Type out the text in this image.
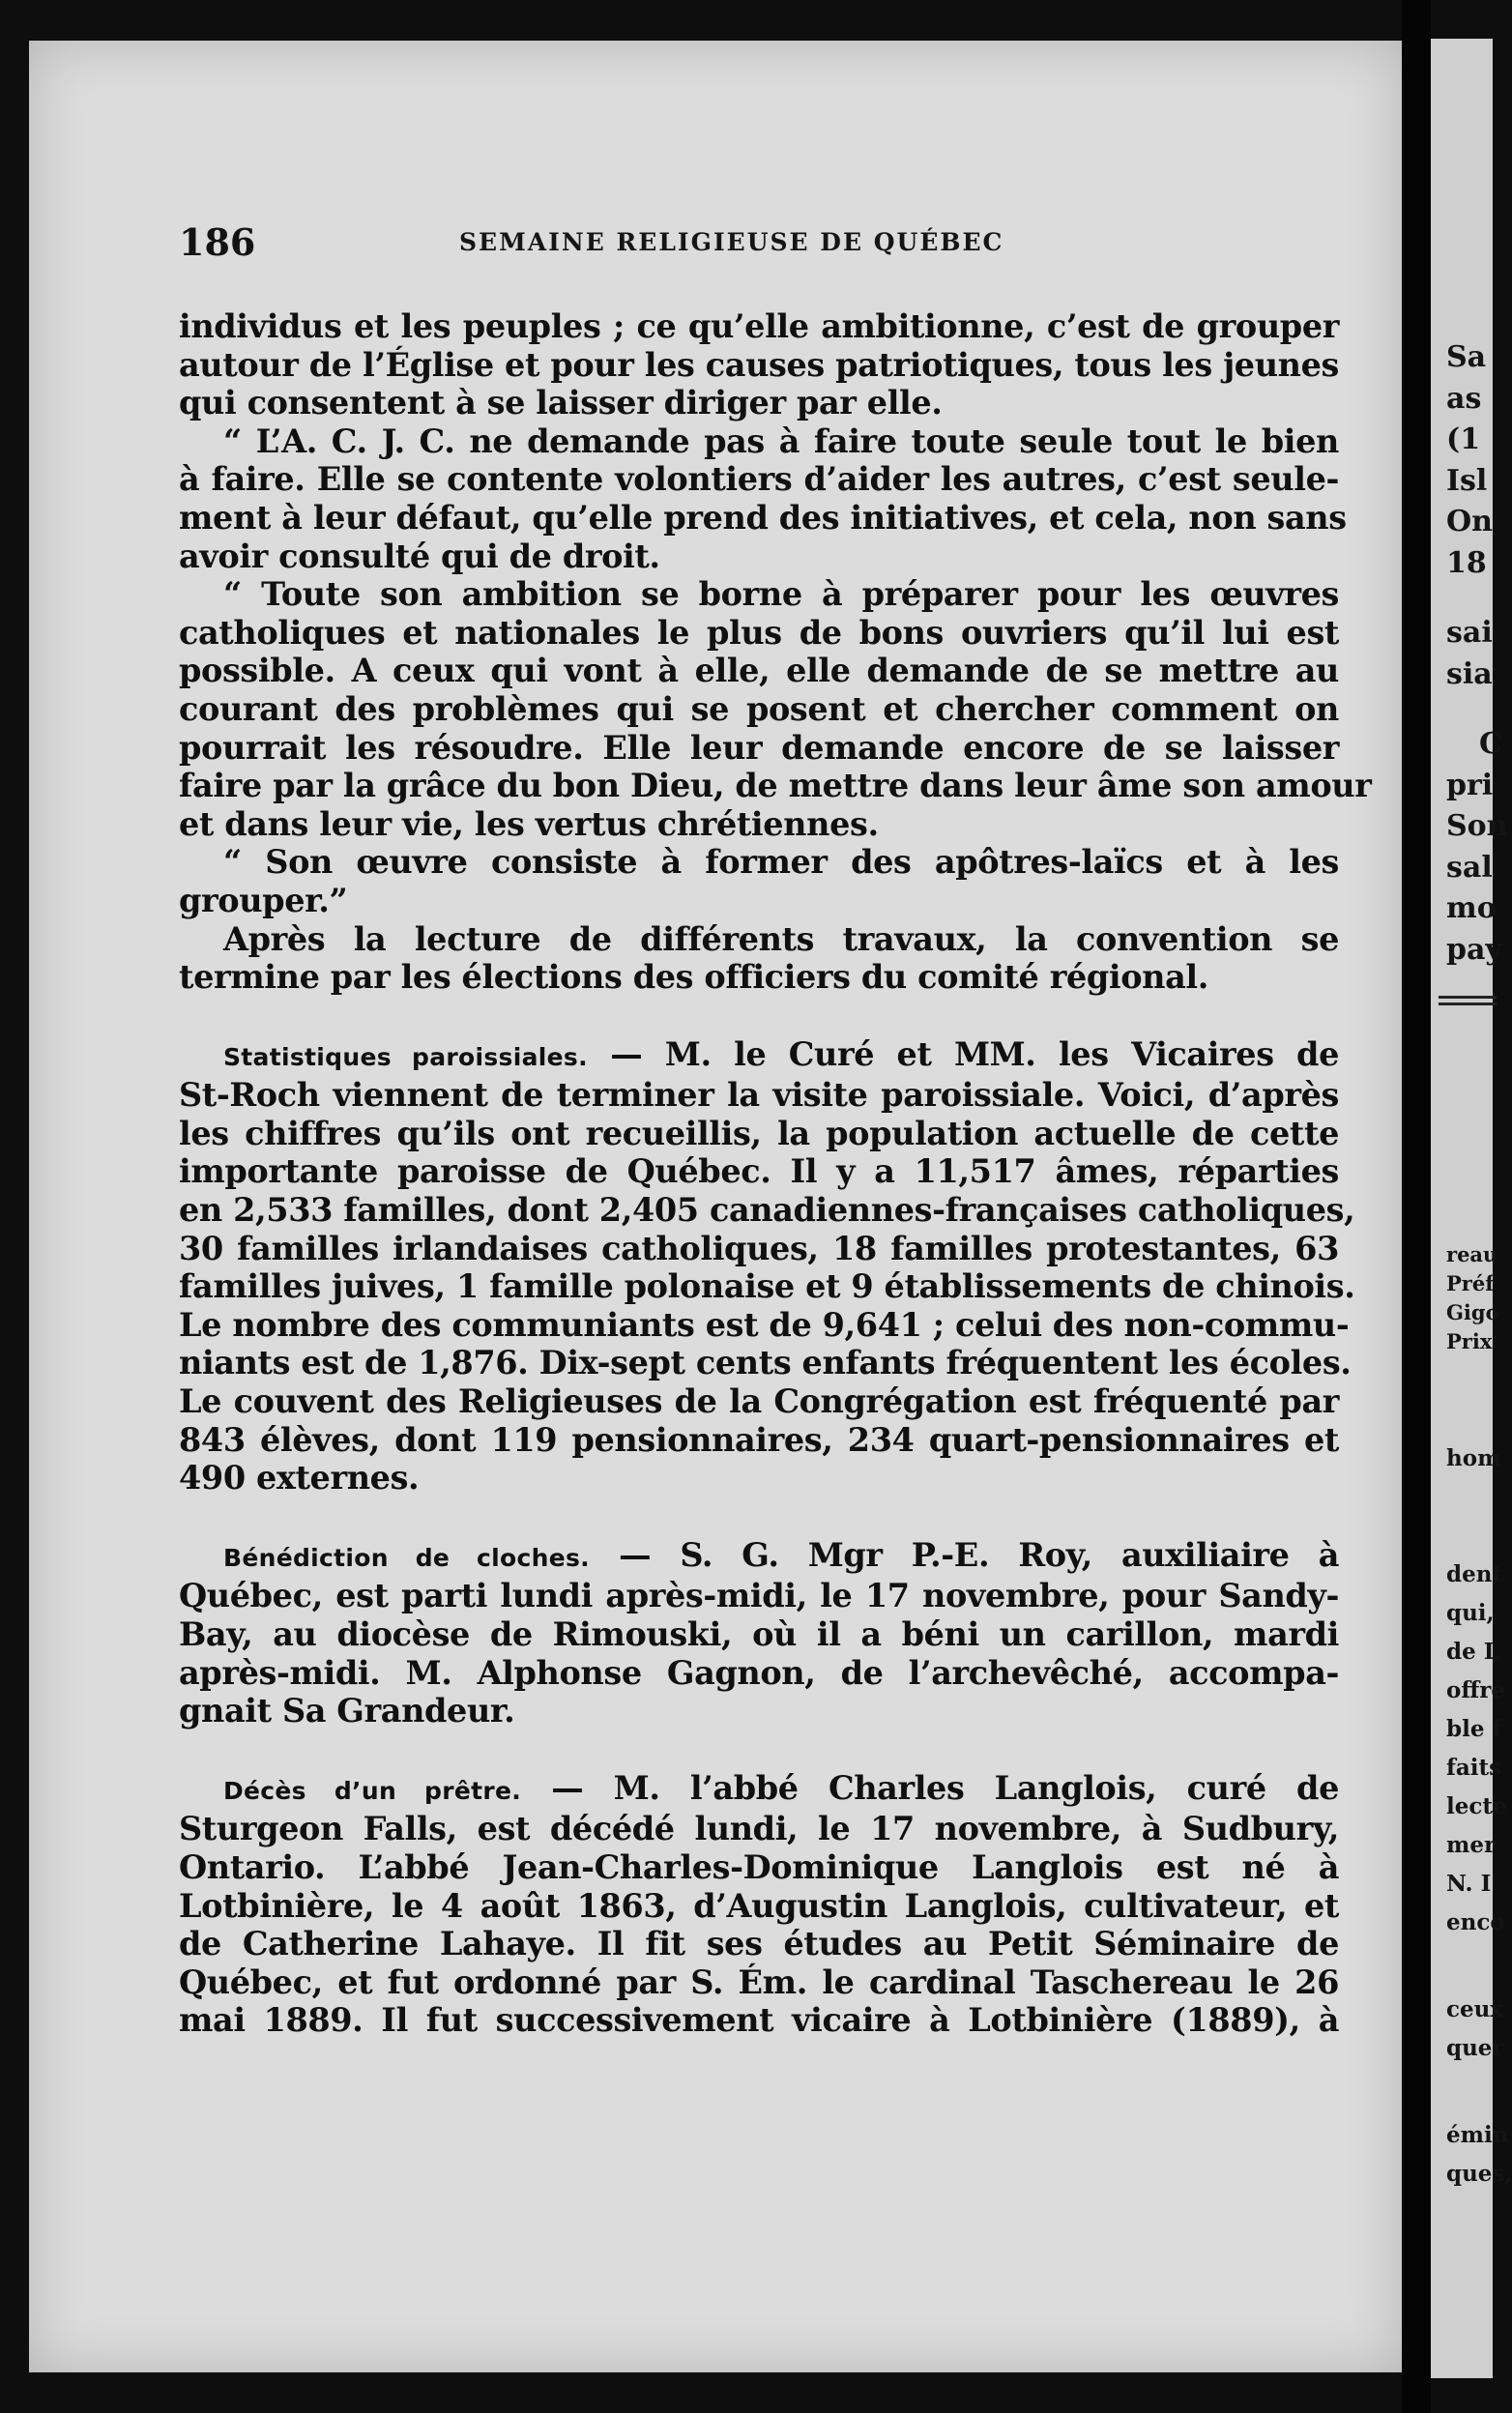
Sa
as
(1
Isl
On
18
sai
sia
C
pri
Son
sal
mo
pay
reau
Préf
Gigo
Prix
hom
dent
qui,
de L
offre
ble f
faits
lecte
mer
N. I
enco
ceux
quer
émin
ques,
186	SEMAINE RELIGIEUSE DE QUÉBEC
individus et les peuples ; ce qu’elle ambitionne, c’est de grouper
autour de l’Église et pour les causes patriotiques, tous les jeunes
qui consentent à se laisser diriger par elle.
“ L’A. C. J. C. ne demande pas à faire toute seule tout le bien
à faire. Elle se contente volontiers d’aider les autres, c’est seule-
ment à leur défaut, qu’elle prend des initiatives, et cela, non sans
avoir consulté qui de droit.
“ Toute son ambition se borne à préparer pour les œuvres
catholiques et nationales le plus de bons ouvriers qu’il lui est
possible. A ceux qui vont à elle, elle demande de se mettre au
courant des problèmes qui se posent et chercher comment on
pourrait les résoudre. Elle leur demande encore de se laisser
faire par la grâce du bon Dieu, de mettre dans leur âme son amour
et dans leur vie, les vertus chrétiennes.
“ Son œuvre consiste à former des apôtres-laïcs et à les
grouper.”
Après la lecture de différents travaux, la convention se
termine par les élections des officiers du comité régional.
Statistiques paroissiales. — M. le Curé et MM. les Vicaires de
St-Roch viennent de terminer la visite paroissiale. Voici, d’après
les chiffres qu’ils ont recueillis, la population actuelle de cette
importante paroisse de Québec. Il y a 11,517 âmes, réparties
en 2,533 familles, dont 2,405 canadiennes-françaises catholiques,
30 familles irlandaises catholiques, 18 familles protestantes, 63
familles juives, 1 famille polonaise et 9 établissements de chinois.
Le nombre des communiants est de 9,641 ; celui des non-commu-
niants est de 1,876. Dix-sept cents enfants fréquentent les écoles.
Le couvent des Religieuses de la Congrégation est fréquenté par
843 élèves, dont 119 pensionnaires, 234 quart-pensionnaires et
490 externes.
Bénédiction de cloches. — S. G. Mgr P.-E. Roy, auxiliaire à
Québec, est parti lundi après-midi, le 17 novembre, pour Sandy-
Bay, au diocèse de Rimouski, où il a béni un carillon, mardi
après-midi. M. Alphonse Gagnon, de l’archevêché, accompa-
gnait Sa Grandeur.
Décès d’un prêtre. — M. l’abbé Charles Langlois, curé de
Sturgeon Falls, est décédé lundi, le 17 novembre, à Sudbury,
Ontario. L’abbé Jean-Charles-Dominique Langlois est né à
Lotbinière, le 4 août 1863, d’Augustin Langlois, cultivateur, et
de Catherine Lahaye. Il fit ses études au Petit Séminaire de
Québec, et fut ordonné par S. Ém. le cardinal Taschereau le 26
mai 1889. Il fut successivement vicaire à Lotbinière (1889), à
